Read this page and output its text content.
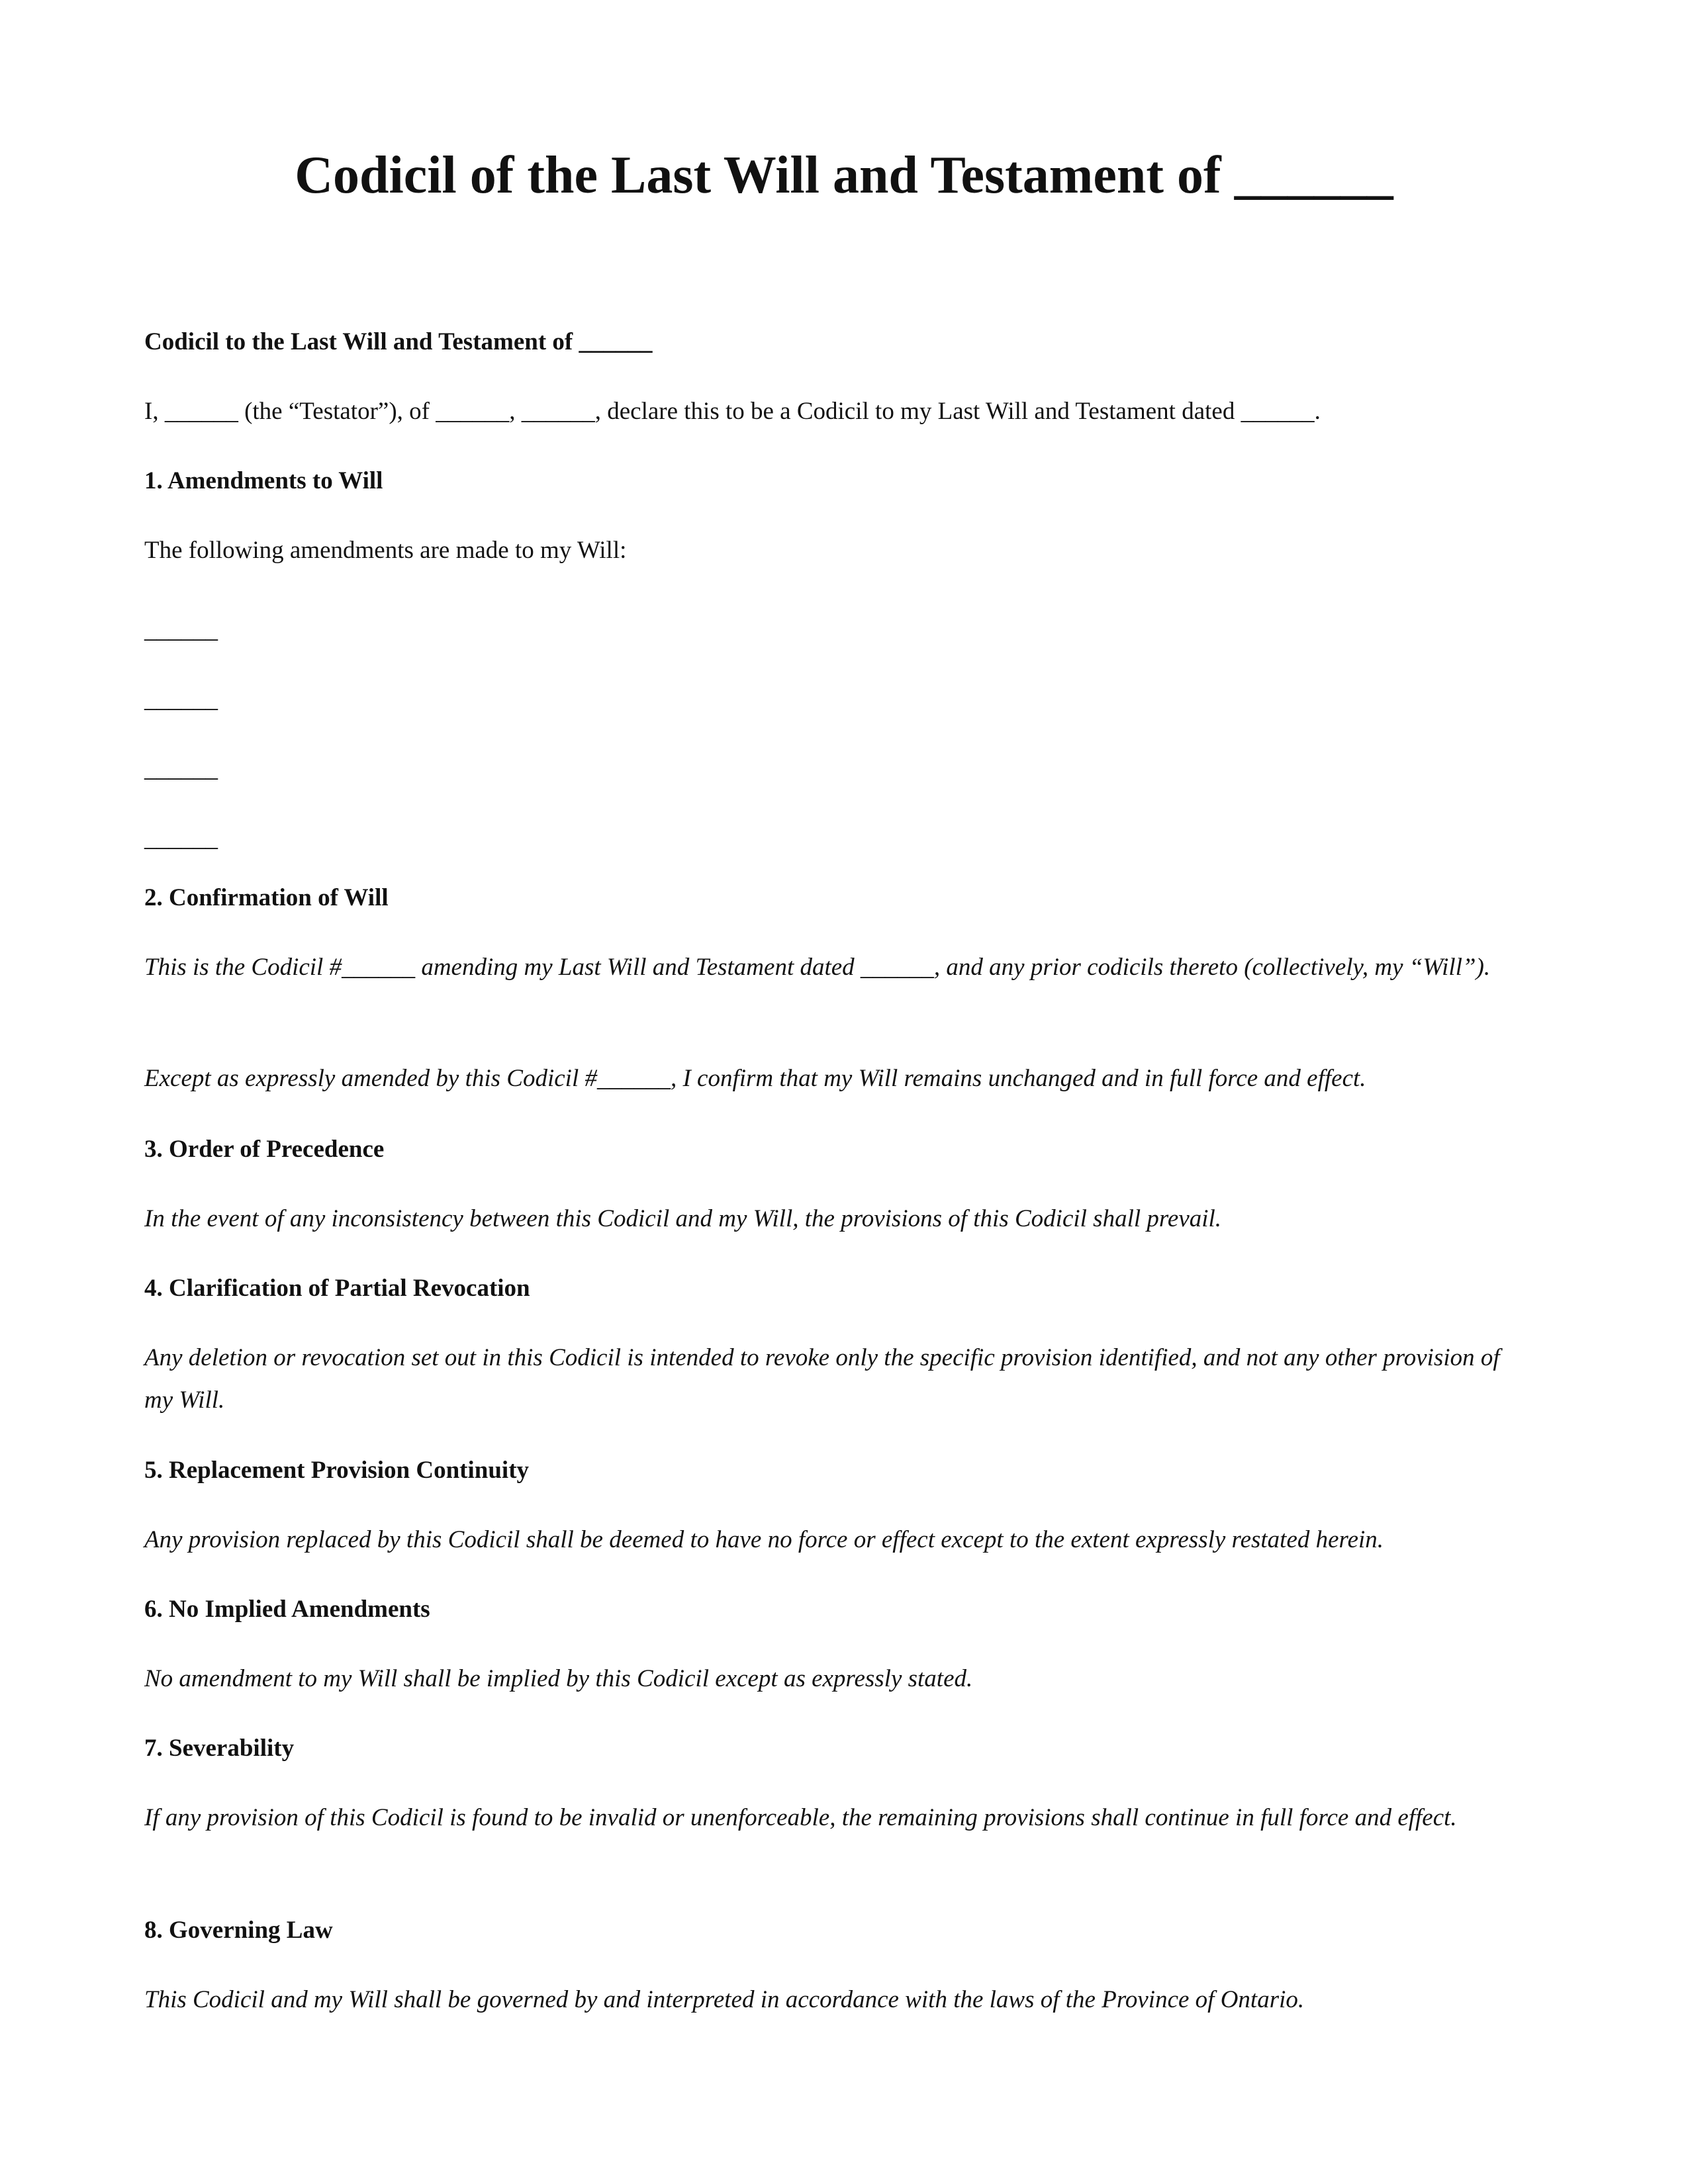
Codicil of the Last Will and Testament of ______

Codicil to the Last Will and Testament of ______

I, ______ (the “Testator”), of ______, ______, declare this to be a Codicil to my Last Will and Testament dated ______.

1. Amendments to Will

The following amendments are made to my Will:

______

______

______

______

2. Confirmation of Will

This is the Codicil #______ amending my Last Will and Testament dated ______, and any prior codicils thereto (collectively, my “Will”).

Except as expressly amended by this Codicil #______, I confirm that my Will remains unchanged and in full force and effect.

3. Order of Precedence

In the event of any inconsistency between this Codicil and my Will, the provisions of this Codicil shall prevail.

4. Clarification of Partial Revocation

Any deletion or revocation set out in this Codicil is intended to revoke only the specific provision identified, and not any other provision of my Will.

5. Replacement Provision Continuity

Any provision replaced by this Codicil shall be deemed to have no force or effect except to the extent expressly restated herein.

6. No Implied Amendments

No amendment to my Will shall be implied by this Codicil except as expressly stated.

7. Severability

If any provision of this Codicil is found to be invalid or unenforceable, the remaining provisions shall continue in full force and effect.

8. Governing Law

This Codicil and my Will shall be governed by and interpreted in accordance with the laws of the Province of Ontario.
